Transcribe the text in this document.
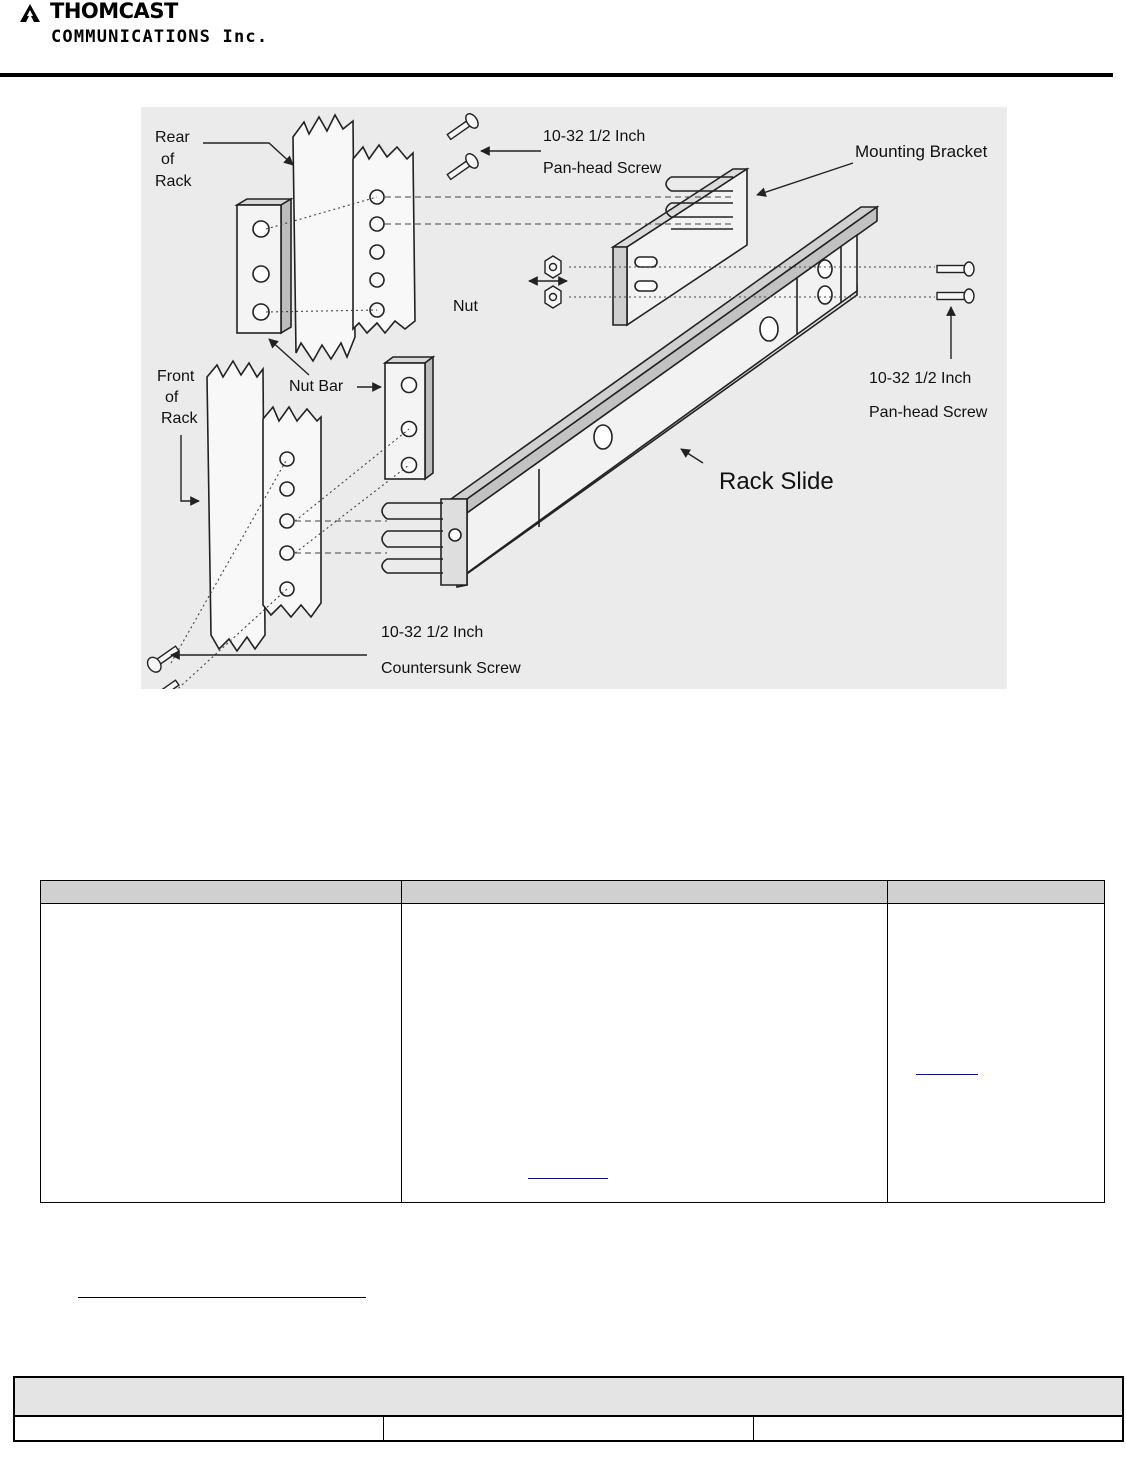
THOMCAST
COMMUNICATIONS Inc.
Rear of Rack
10-32 1/2 Inch Pan-head Screw
Mounting Bracket
Nut
Front of Rack
Nut Bar	10-32 1/2 Inch Pan-head Screw
Rack Slide
10-32 1/2 Inch Countersunk Screw
